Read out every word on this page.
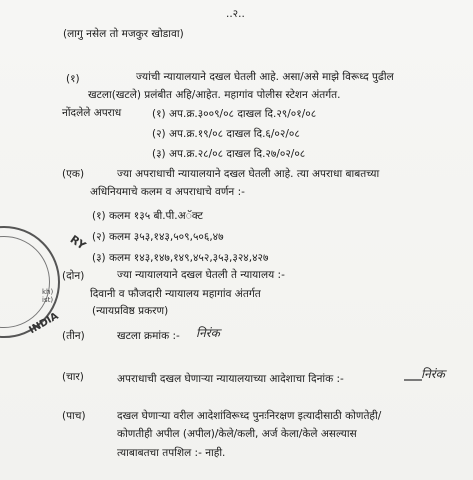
RY
kh)
ist)
INDIA
..२..
(लागु नसेल तो मजकुर खोडावा)
(१)	ज्यांची न्यायालयाने दखल घेतली आहे. असा/असे माझे विरूध्द पुढील
खटला(खटले) प्रलंबीत अहि/आहेत. महागांव पोलीस स्टेशन अंतर्गत.
नोंदलेले अपराध	(१) अप.क्र.३००९/०८ दाखल दि.२९/०१/०८
(२) अप.क्र.१९/०८ दाखल दि.६/०२/०८
(३) अप.क्र.२८/०८ दाखल दि.२७/०२/०८
(एक)	ज्या अपराधाची न्यायालयाने दखल घेतली आहे. त्या अपराधा बाबतच्या
अधिनियमाचे कलम व अपराधाचे वर्णन :-
(१) कलम १३५ बी.पी.अॅक्ट
(२) कलम ३५३,१४३,५०९,५०६,४७
(३) कलम १४३,१४७,१४९,४५२,३५३,३२४,४२७
(दोन)	ज्या न्यायालयाने दखल घेतली ते न्यायालय :-
दिवानी व फौजदारी न्यायालय महागांव अंतर्गत
(न्यायप्रविष्ठ प्रकरण)
(तीन)	खटला क्रमांक :- निरंक
(चार)	अपराधाची दखल घेणाऱ्या न्यायालयाच्या आदेशाचा दिनांक :-	निरंक
(पाच)	दखल घेणाऱ्या वरील आदेशांविरूध्द पुनःनिरक्षण इत्यादीसाठी कोणतेही/
कोणतीही अपील (अपील)/केले/कली, अर्ज केला/केले असल्यास
त्याबाबतचा तपशिल :- नाही.
